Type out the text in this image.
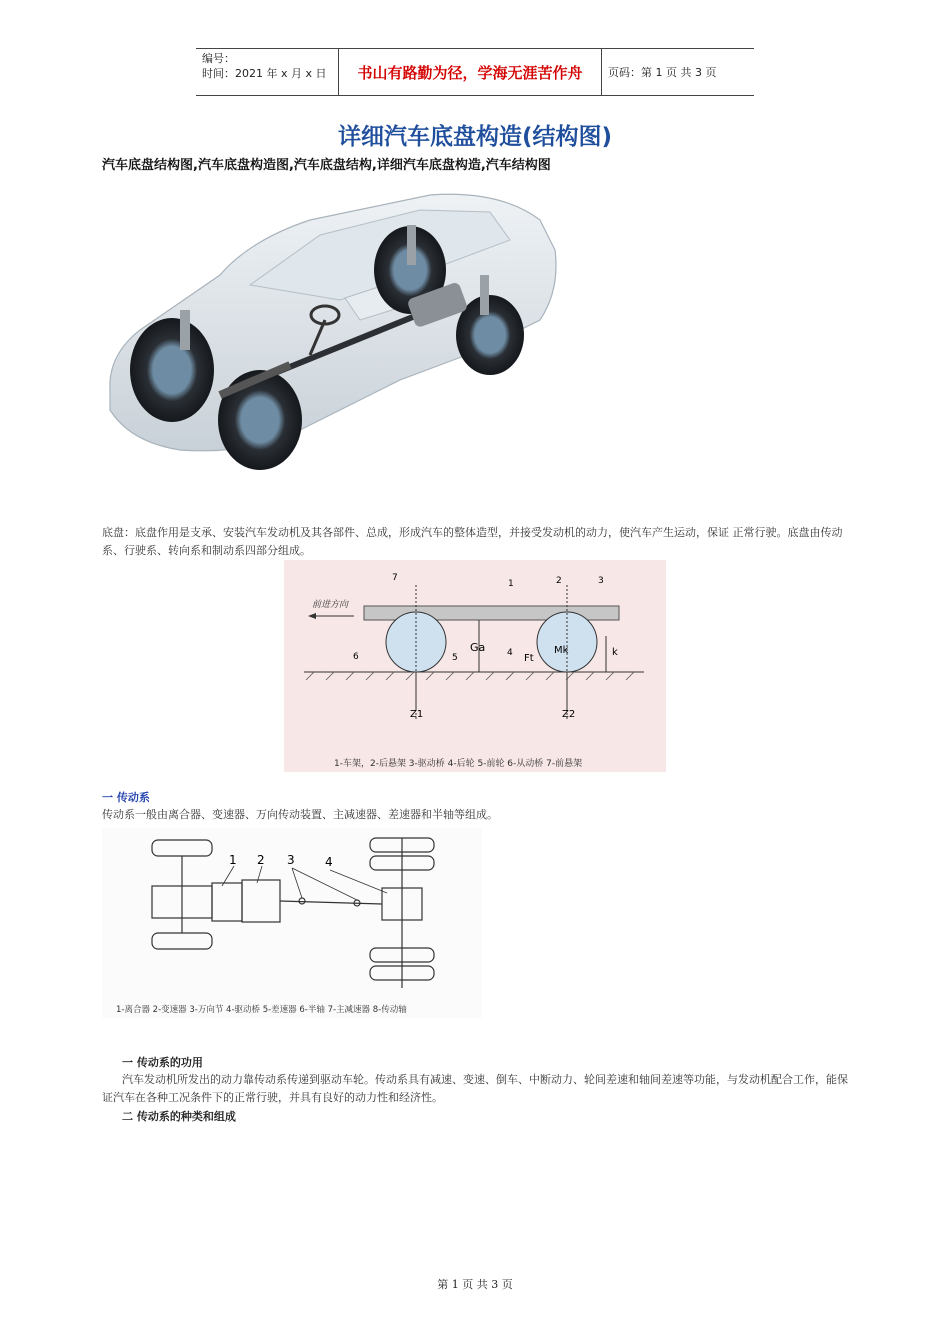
编号：
时间：2021 年 x 月 x 日	书山有路勤为径，学海无涯苦作舟	页码：第 1 页 共 3 页
详细汽车底盘构造(结构图)
汽车底盘结构图,汽车底盘构造图,汽车底盘结构,详细汽车底盘构造,汽车结构图
底盘：底盘作用是支承、安装汽车发动机及其各部件、总成，形成汽车的整体造型，并接受发动机的动力，使汽车产生运动，保证 正常行驶。底盘由传动系、行驶系、转向系和制动系四部分组成。
前进方向
7
1	2	3
6	5	4
Ga
Ft
Mk	k
Z1	Z2
1-车架，2-后悬架 3-驱动桥 4-后轮 5-前轮 6-从动桥 7-前悬架
一 传动系
传动系一般由离合器、变速器、万向传动装置、主减速器、差速器和半轴等组成。
1 2 3	4
1-离合器 2-变速器 3-万向节 4-驱动桥 5-差速器 6-半轴 7-主减速器 8-传动轴
一 传动系的功用
汽车发动机所发出的动力靠传动系传递到驱动车轮。传动系具有减速、变速、倒车、中断动力、轮间差速和轴间差速等功能，与发动机配合工作，能保证汽车在各种工况条件下的正常行驶，并具有良好的动力性和经济性。
二 传动系的种类和组成
第 1 页 共 3 页
